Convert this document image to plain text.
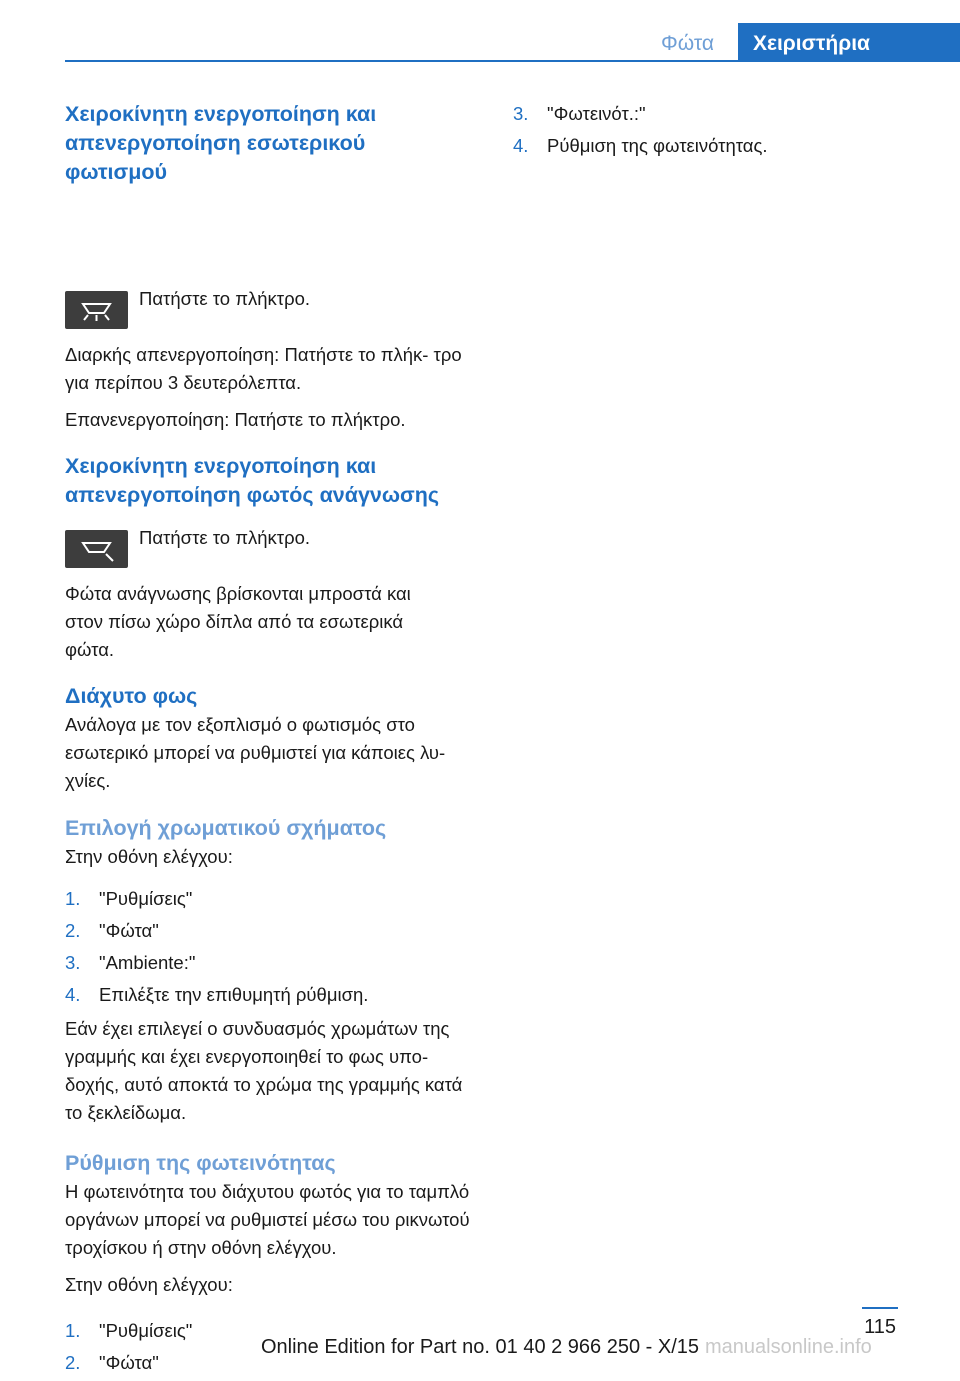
Φώτα	Χειριστήρια
Χειροκίνητη ενεργοποίηση και απενεργοποίηση εσωτερικού φωτισμού

Πατήστε το πλήκτρο.

Διαρκής απενεργοποίηση: Πατήστε το πλήκ‐ τρο για περίπου 3 δευτερόλεπτα.

Επανενεργοποίηση: Πατήστε το πλήκτρο.

Χειροκίνητη ενεργοποίηση και απενεργοποίηση φωτός ανάγνωσης

Πατήστε το πλήκτρο.

Φώτα ανάγνωσης βρίσκονται μπροστά και στον πίσω χώρο δίπλα από τα εσωτερικά φώτα.

Διάχυτο φως

Ανάλογα με τον εξοπλισμό ο φωτισμός στο εσωτερικό μπορεί να ρυθμιστεί για κάποιες λυ‐ χνίες.

Επιλογή χρωματικού σχήματος

Στην οθόνη ελέγχου:

1. "Ρυθμίσεις"
2. "Φώτα"
3. "Ambiente:"
4. Επιλέξτε την επιθυμητή ρύθμιση.

Εάν έχει επιλεγεί ο συνδυασμός χρωμάτων της γραμμής και έχει ενεργοποιηθεί το φως υπο‐ δοχής, αυτό αποκτά το χρώμα της γραμμής κατά το ξεκλείδωμα.

Ρύθμιση της φωτεινότητας

Η φωτεινότητα του διάχυτου φωτός για το ταμπλό οργάνων μπορεί να ρυθμιστεί μέσω του ρικνωτού τροχίσκου ή στην οθόνη ελέγχου.

Στην οθόνη ελέγχου:

1. "Ρυθμίσεις"
2. "Φώτα"
3. "Φωτεινότ.:"
4. Ρύθμιση της φωτεινότητας.
115
Online Edition for Part no. 01 40 2 966 250 - X/15 manualsonline.info
